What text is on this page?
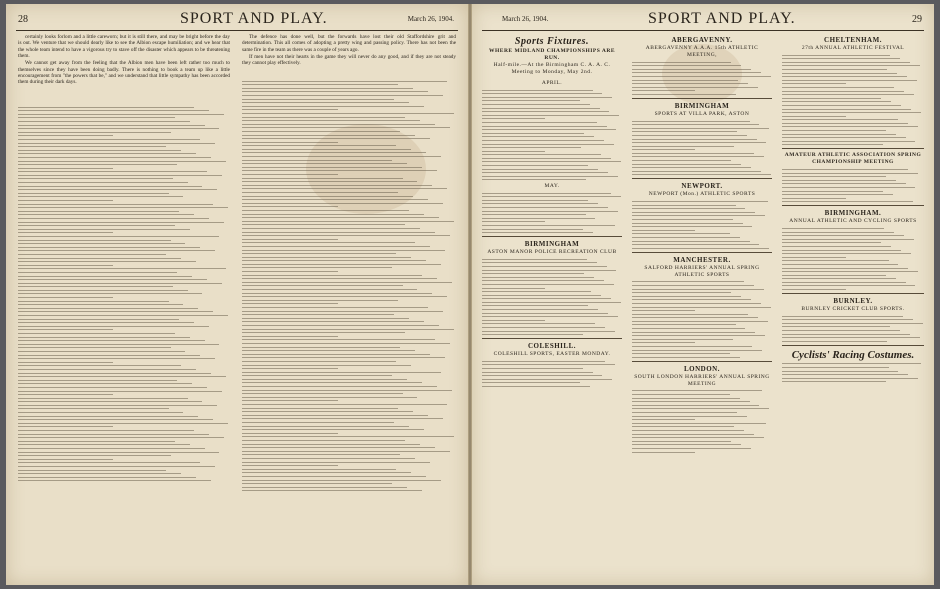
28	SPORT AND PLAY.	March 26, 1904.

certainly looks forlorn and a little careworn; but it is still there, and may be bright before the day is out. We venture that we should dearly like to see the Albion escape humiliation; and we hear that the whole team intend to have a vigorous try to stave off the disaster which appears to be threatening them.

We cannot get away from the feeling that the Albion men have been left rather too much to themselves since they have been doing badly. There is nothing to book a team up like a little encouragement from "the powers that be," and we understand that little sympathy has been accorded them during their dark days.

The defence has done well, but the forwards have lost their old Staffordshire grit and determination. This all comes of adopting a pretty wing and passing policy. There has not been the same fire in the team as there was a couple of years ago.

If men have not their hearts in the game they will never do any good, and if they are not steady they cannot play effectively.

March 26, 1904.	SPORT AND PLAY.	29
Sports Fixtures.
WHERE MIDLAND CHAMPIONSHIPS ARE RUN.
Half-mile.—At the Birmingham C. A. A. C. Meeting to Monday, May 2nd.
APRIL.
MAY.
BIRMINGHAM
ASTON MANOR POLICE RECREATION CLUB
COLESHILL.
COLESHILL SPORTS, EASTER MONDAY.
ABERGAVENNY.
ABERGAVENNY A.A.A. 15th ATHLETIC MEETING,
BIRMINGHAM
SPORTS AT VILLA PARK, ASTON
NEWPORT.
NEWPORT (Mon.) ATHLETIC SPORTS
MANCHESTER.
SALFORD HARRIERS' ANNUAL SPRING ATHLETIC SPORTS
LONDON.
SOUTH LONDON HARRIERS' ANNUAL SPRING MEETING
CHELTENHAM.
27th ANNUAL ATHLETIC FESTIVAL
AMATEUR ATHLETIC ASSOCIATION SPRING CHAMPIONSHIP MEETING
BIRMINGHAM.
ANNUAL ATHLETIC AND CYCLING SPORTS
BURNLEY.
BURNLEY CRICKET CLUB SPORTS.
Cyclists' Racing Costumes.
